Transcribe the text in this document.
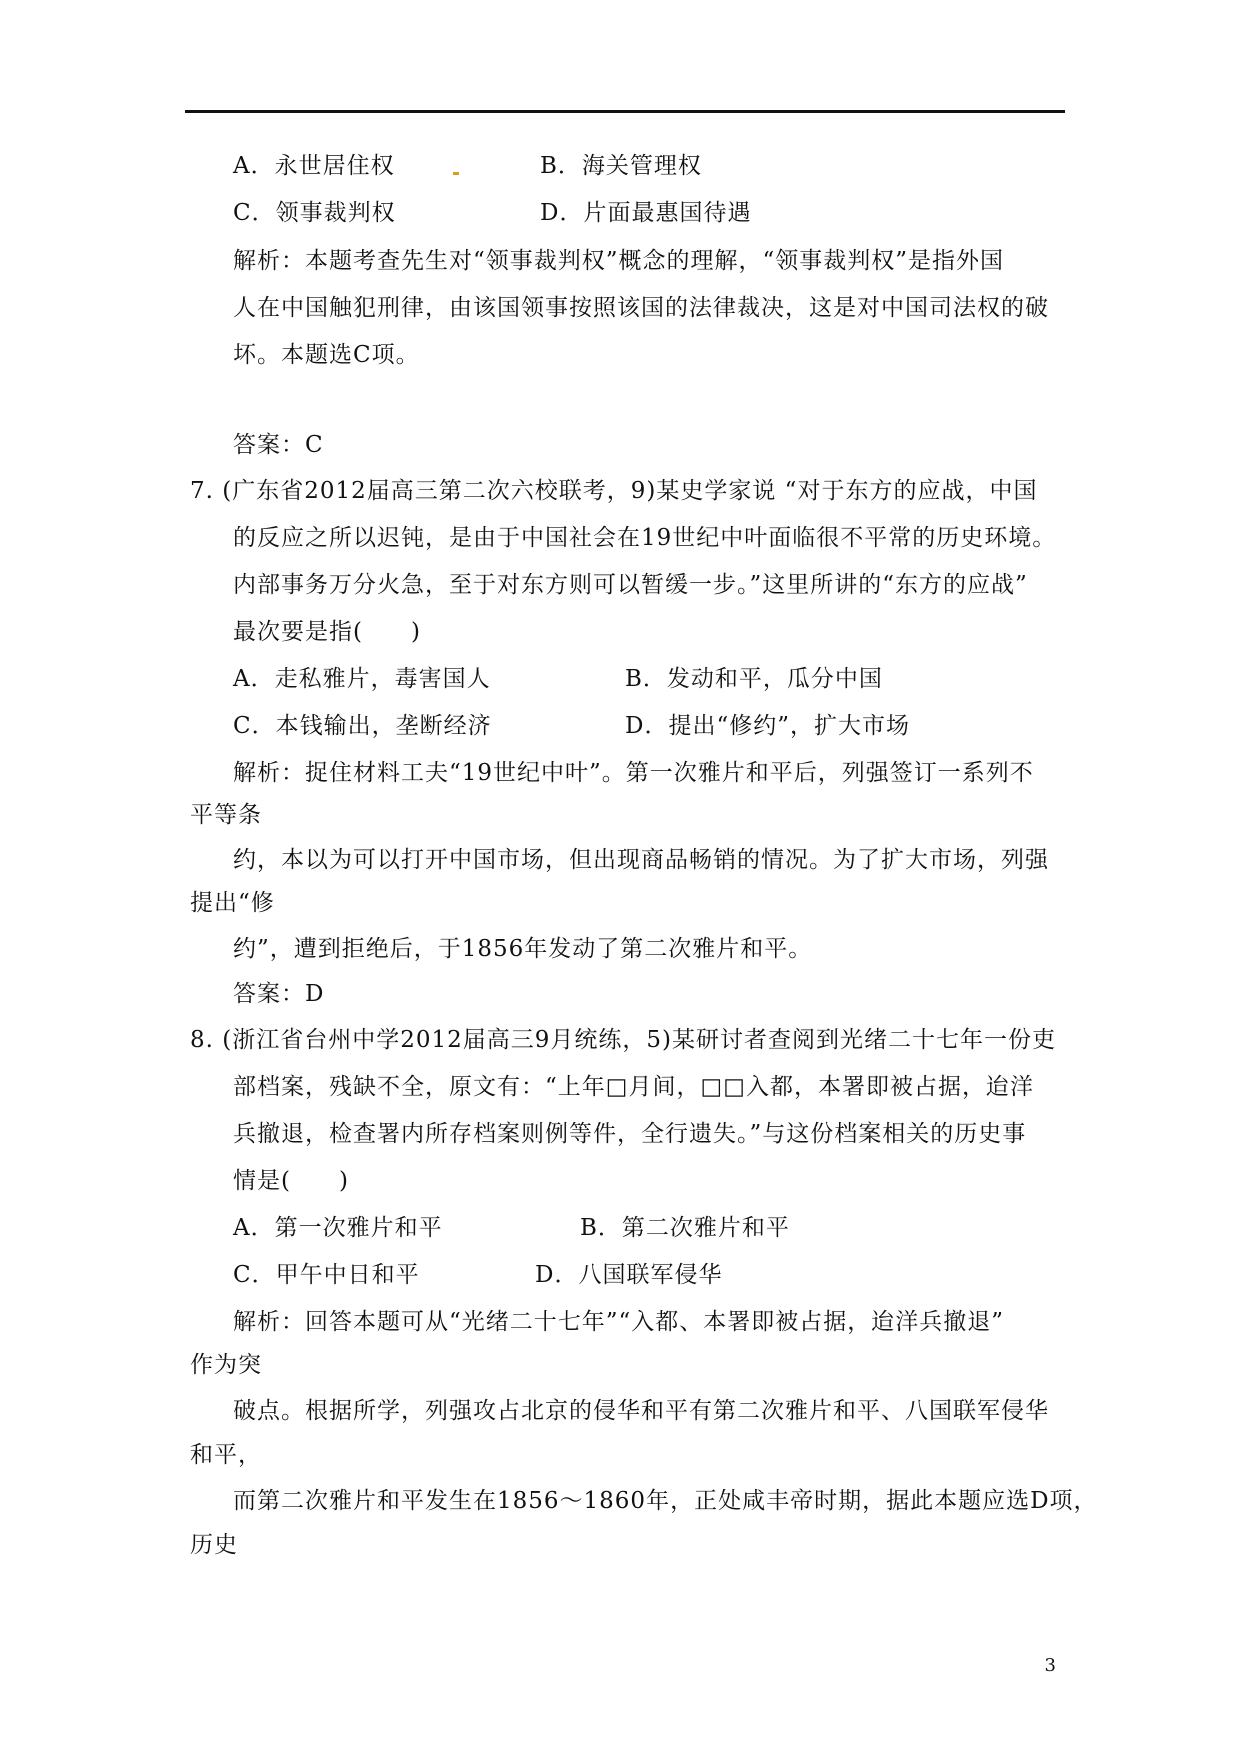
A．永世居住权	B．海关管理权
C．领事裁判权	D．片面最惠国待遇
解析：本题考查先生对“领事裁判权”概念的理解，“领事裁判权”是指外国
人在中国触犯刑律，由该国领事按照该国的法律裁决，这是对中国司法权的破
坏。本题选C项。
答案：C
7. (广东省2012届高三第二次六校联考，9)某史学家说 “对于东方的应战，中国
的反应之所以迟钝，是由于中国社会在19世纪中叶面临很不平常的历史环境。
内部事务万分火急，至于对东方则可以暂缓一步。”这里所讲的“东方的应战”
最次要是指(　　)
A．走私雅片，毒害国人	B．发动和平，瓜分中国
C．本钱输出，垄断经济	D．提出“修约”，扩大市场
解析：捉住材料工夫“19世纪中叶”。第一次雅片和平后，列强签订一系列不
平等条
约，本以为可以打开中国市场，但出现商品畅销的情况。为了扩大市场，列强
提出“修
约”，遭到拒绝后，于1856年发动了第二次雅片和平。
答案：D
8. (浙江省台州中学2012届高三9月统练，5)某研讨者查阅到光绪二十七年一份吏
部档案，残缺不全，原文有：“上年□月间，□□入都，本署即被占据，迨洋
兵撤退，检查署内所存档案则例等件，全行遗失。”与这份档案相关的历史事
情是(　　)
A．第一次雅片和平	B．第二次雅片和平
C．甲午中日和平	D．八国联军侵华
解析：回答本题可从“光绪二十七年”“入都、本署即被占据，迨洋兵撤退”
作为突
破点。根据所学，列强攻占北京的侵华和平有第二次雅片和平、八国联军侵华
和平，
而第二次雅片和平发生在1856～1860年，正处咸丰帝时期，据此本题应选D项，
历史
3
